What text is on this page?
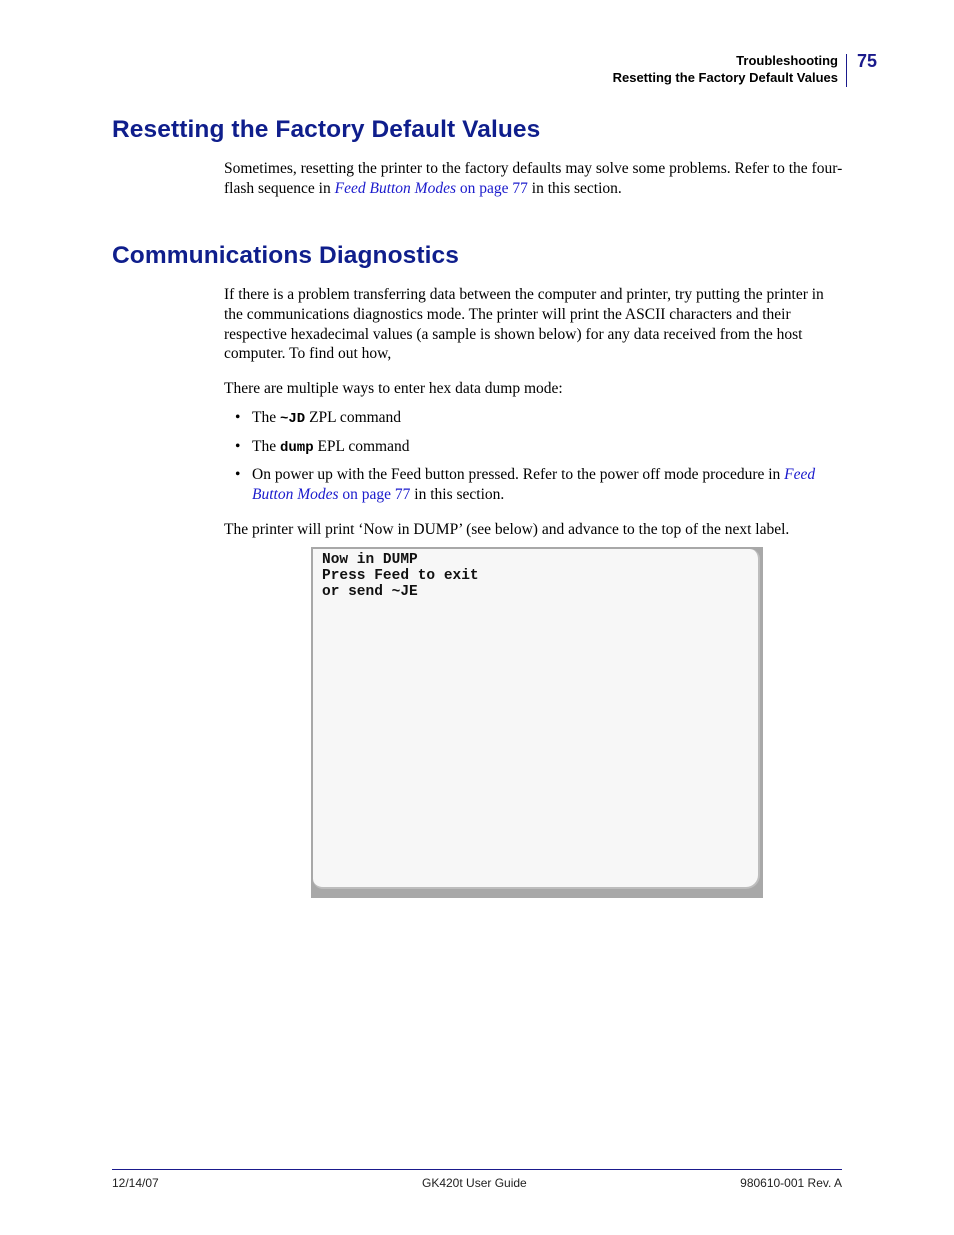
Troubleshooting
Resetting the Factory Default Values
75
Resetting the Factory Default Values

Sometimes, resetting the printer to the factory defaults may solve some problems. Refer to the four-flash sequence in Feed Button Modes on page 77 in this section.

Communications Diagnostics

If there is a problem transferring data between the computer and printer, try putting the printer in the communications diagnostics mode. The printer will print the ASCII characters and their respective hexadecimal values (a sample is shown below) for any data received from the host computer. To find out how,

There are multiple ways to enter hex data dump mode:

• The ~JD ZPL command
• The dump EPL command
• On power up with the Feed button pressed. Refer to the power off mode procedure in Feed Button Modes on page 77 in this section.

The printer will print ‘Now in DUMP’ (see below) and advance to the top of the next label.

Now in DUMP
Press Feed to exit
or send ~JE
12/14/07	GK420t User Guide	980610-001 Rev. A
